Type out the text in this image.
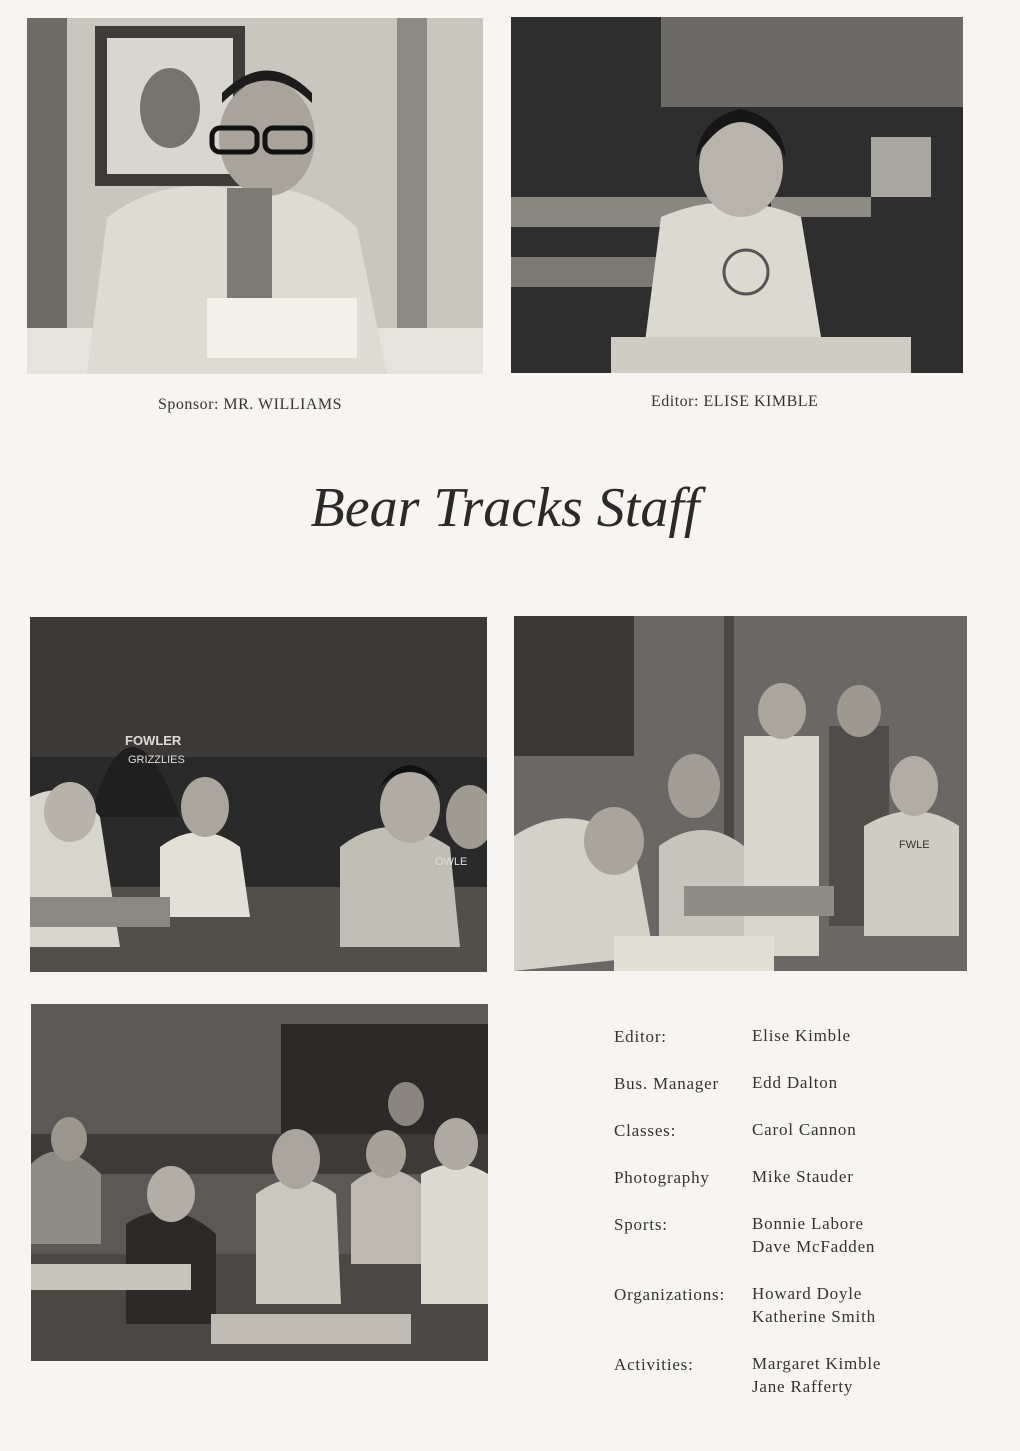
Sponsor: MR. WILLIAMS	Editor: ELISE KIMBLE
Bear Tracks Staff
FOWLER
GRIZZLIES
OWLE
FWLE
Editor:	Elise Kimble
Bus. Manager Edd Dalton
Classes:	Carol Cannon
Photography Mike Stauder
Sports:	Bonnie Labore
Dave McFadden
Organizations: Howard Doyle
Katherine Smith
Activities:	Margaret Kimble
Jane Rafferty
